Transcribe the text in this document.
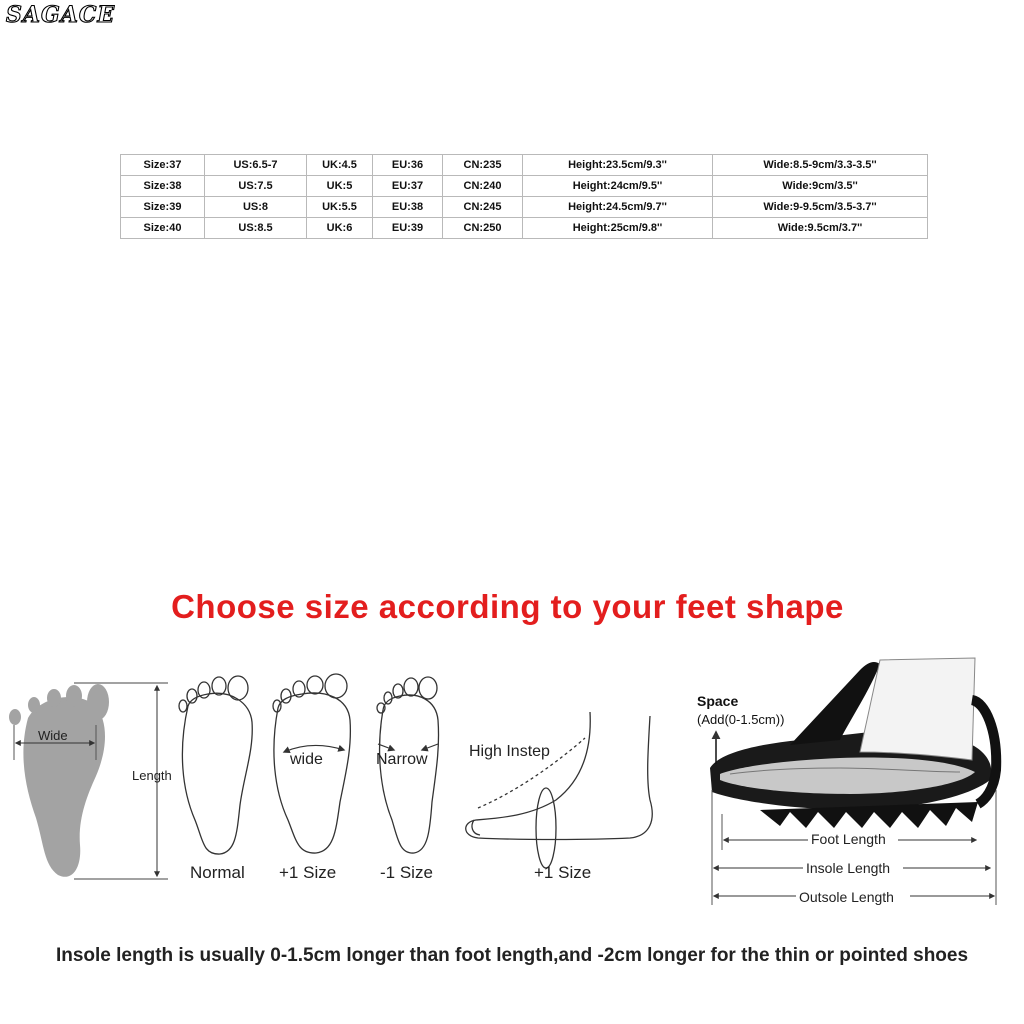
SAGACE
Size:37	US:6.5-7	UK:4.5	EU:36	CN:235	Height:23.5cm/9.3''	Wide:8.5-9cm/3.3-3.5''
Size:38	US:7.5	UK:5	EU:37	CN:240	Height:24cm/9.5''	Wide:9cm/3.5''
Size:39	US:8	UK:5.5	EU:38	CN:245	Height:24.5cm/9.7''	Wide:9-9.5cm/3.5-3.7''
Size:40	US:8.5	UK:6	EU:39	CN:250	Height:25cm/9.8''	Wide:9.5cm/3.7''
Choose size according to your feet shape
Wide
Length
Normal
wide
+1 Size
Narrow
-1 Size
High Instep
+1 Size
Space
(Add(0-1.5cm))
Foot Length
Insole Length
Outsole Length
Insole length is usually 0-1.5cm longer than foot length,and -2cm longer for the thin or pointed shoes
